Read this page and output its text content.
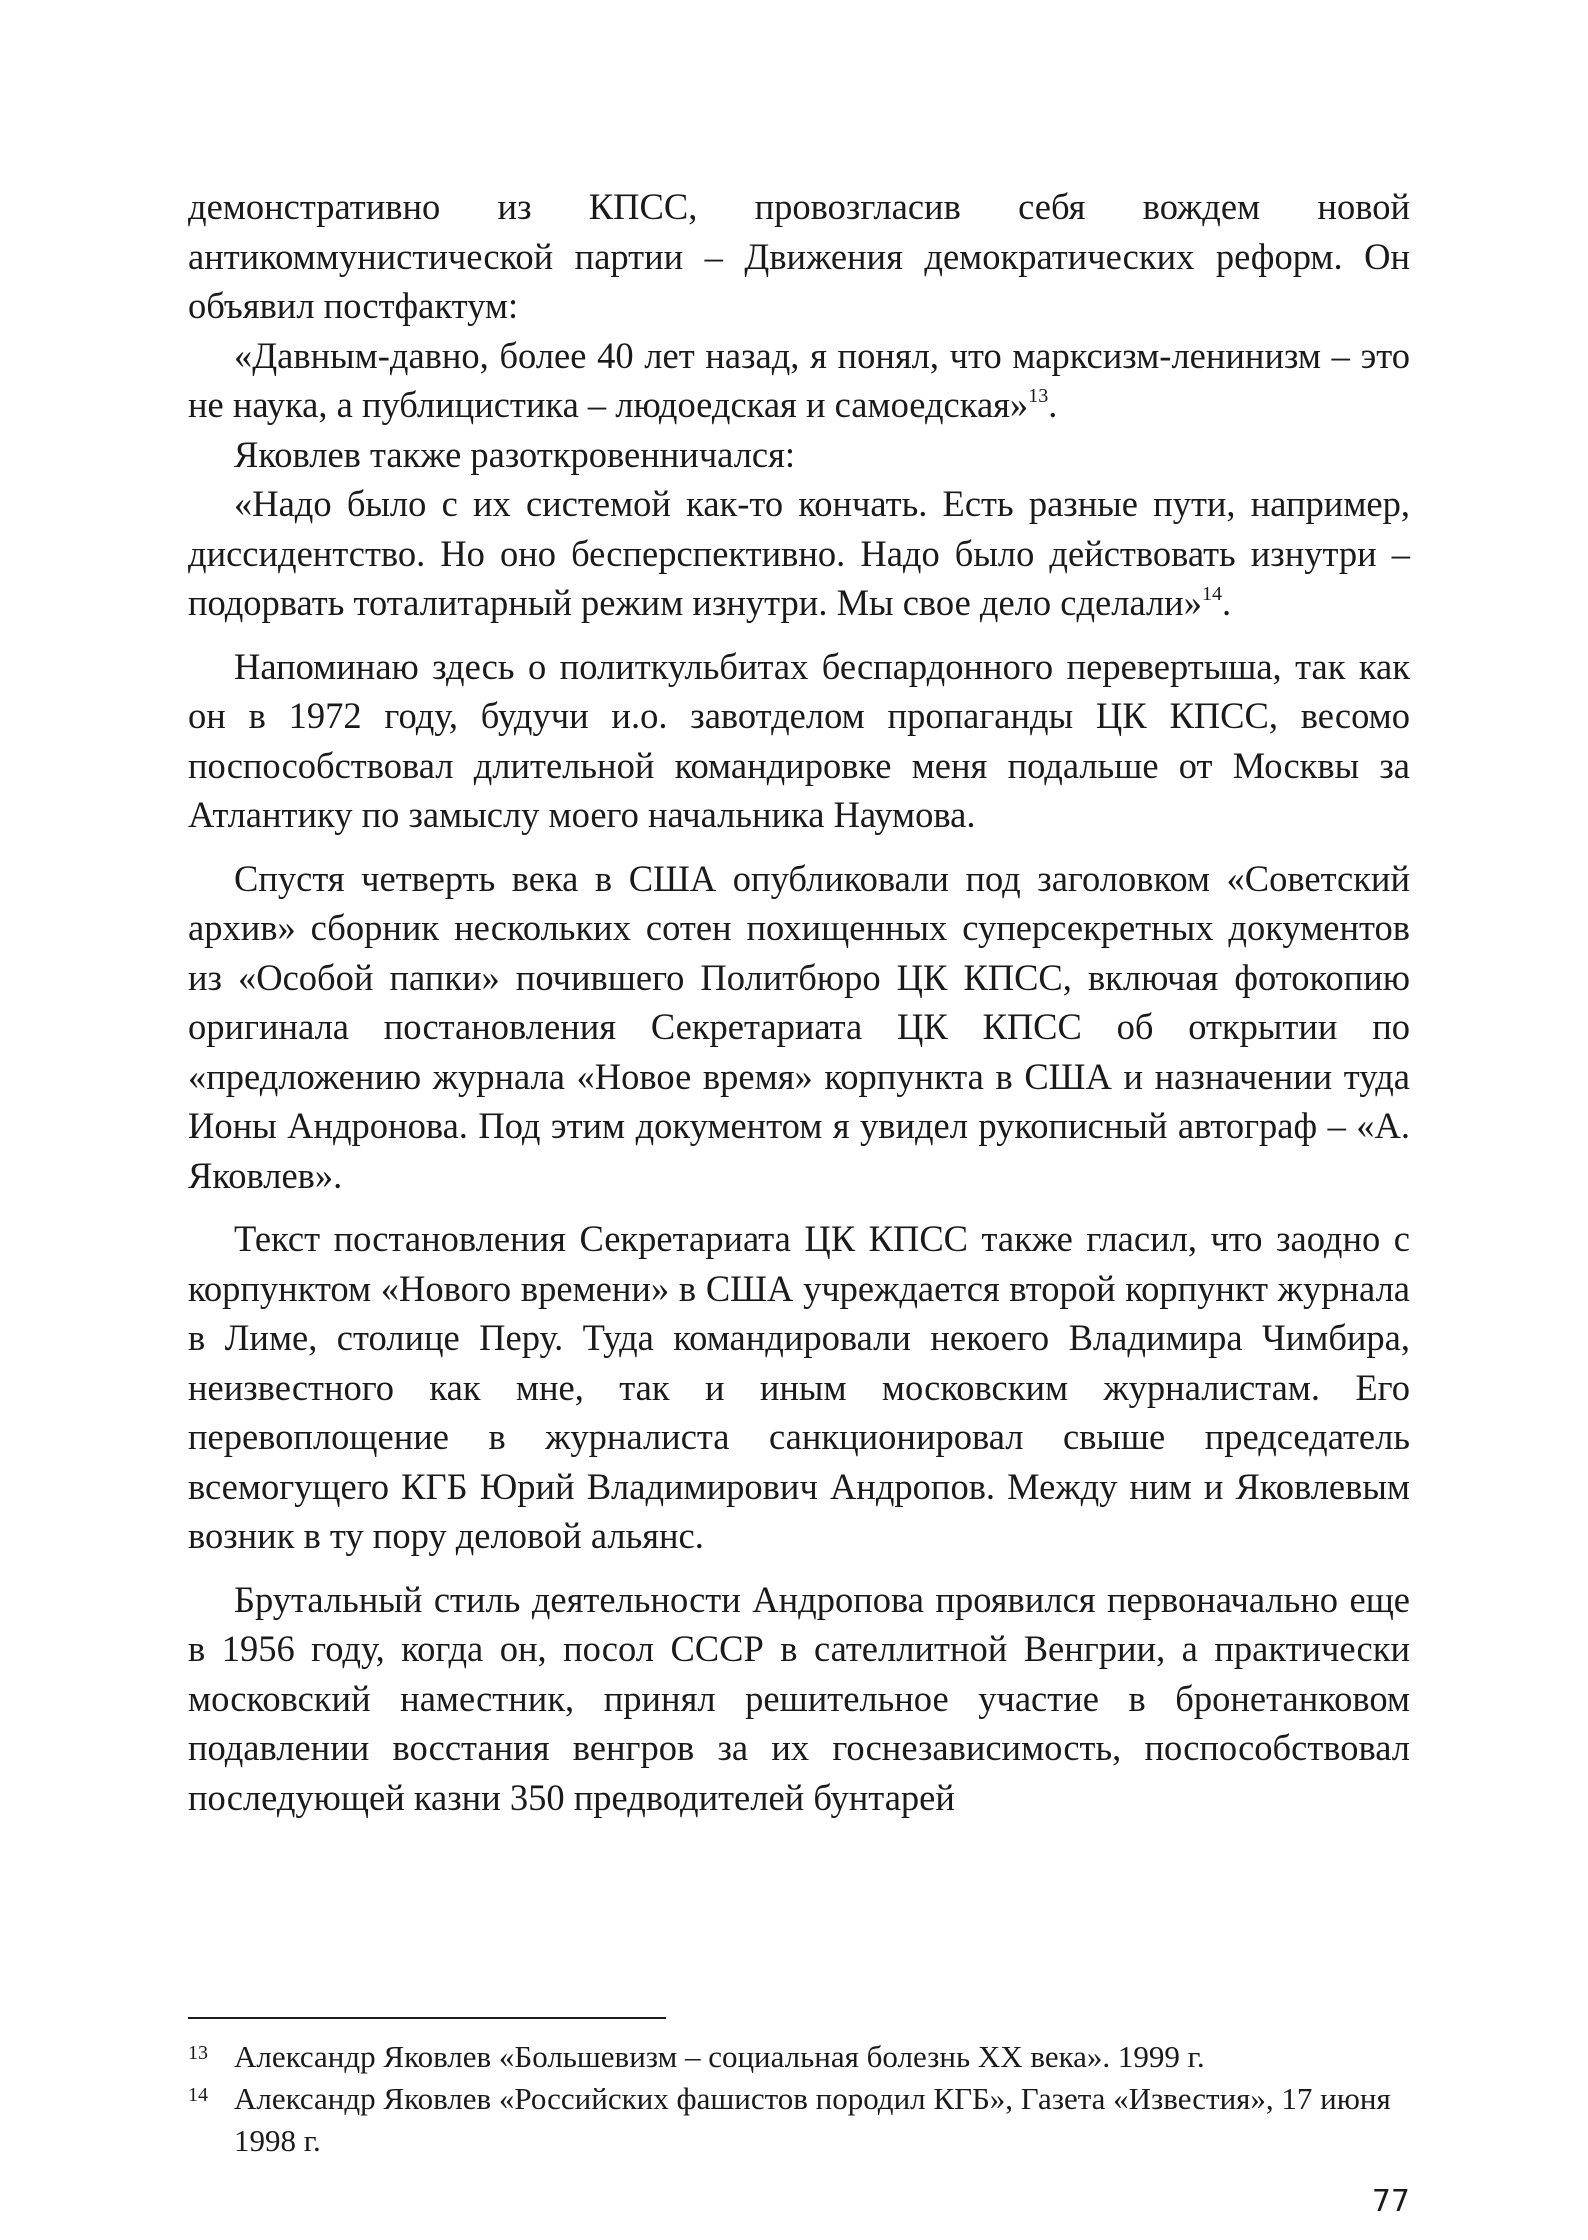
демонстративно из КПСС, провозгласив себя вождем новой антикоммунистической партии – Движения демократических реформ. Он объявил постфактум:

«Давным-давно, более 40 лет назад, я понял, что марксизм-ленинизм – это не наука, а публицистика – людоедская и самоедская»$^{13}$.

Яковлев также разоткровенничался:

«Надо было с их системой как-то кончать. Есть разные пути, например, диссидентство. Но оно бесперспективно. Надо было действовать изнутри – подорвать тоталитарный режим изнутри. Мы свое дело сделали»$^{14}$.

Напоминаю здесь о политкульбитах беспардонного перевертыша, так как он в 1972 году, будучи и.о. завотделом пропаганды ЦК КПСС, весомо поспособствовал длительной командировке меня подальше от Москвы за Атлантику по замыслу моего начальника Наумова.

Спустя четверть века в США опубликовали под заголовком «Советский архив» сборник нескольких сотен похищенных суперсекретных документов из «Особой папки» почившего Политбюро ЦК КПСС, включая фотокопию оригинала постановления Секретариата ЦК КПСС об открытии по «предложению журнала «Новое время» корпункта в США и назначении туда Ионы Андронова. Под этим документом я увидел рукописный автограф – «А. Яковлев».

Текст постановления Секретариата ЦК КПСС также гласил, что заодно с корпунктом «Нового времени» в США учреждается второй корпункт журнала в Лиме, столице Перу. Туда командировали некоего Владимира Чимбира, неизвестного как мне, так и иным московским журналистам. Его перевоплощение в журналиста санкционировал свыше председатель всемогущего КГБ Юрий Владимирович Андропов. Между ним и Яковлевым возник в ту пору деловой альянс.

Брутальный стиль деятельности Андропова проявился первоначально еще в 1956 году, когда он, посол СССР в сателлитной Венгрии, а практически московский наместник, принял решительное участие в бронетанковом подавлении восстания венгров за их госнезависимость, поспособствовал последующей казни 350 предводителей бунтарей

13 Александр Яковлев «Большевизм – социальная болезнь XX века». 1999 г.

14 Александр Яковлев «Российских фашистов породил КГБ», Газета «Известия», 17 июня 1998 г.

77
